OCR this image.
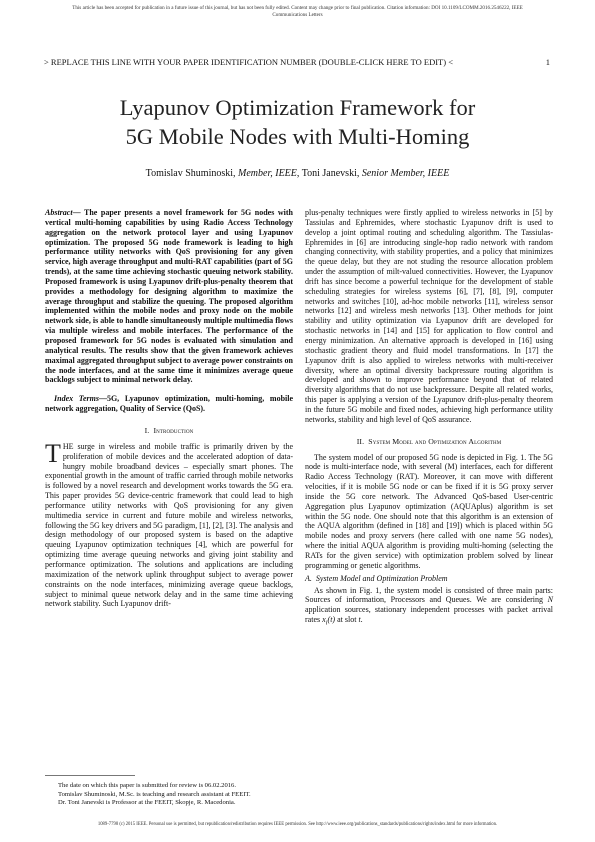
This article has been accepted for publication in a future issue of this journal, but has not been fully edited. Content may change prior to final publication. Citation information: DOI 10.1109/LCOMM.2016.2546222, IEEE
Communications Letters
> REPLACE THIS LINE WITH YOUR PAPER IDENTIFICATION NUMBER (DOUBLE-CLICK HERE TO EDIT) <	1
Lyapunov Optimization Framework for
5G Mobile Nodes with Multi-Homing
Tomislav Shuminoski, Member, IEEE, Toni Janevski, Senior Member, IEEE

Abstract— The paper presents a novel framework for 5G nodes with vertical multi-homing capabilities by using Radio Access Technology aggregation on the network protocol layer and using Lyapunov optimization. The proposed 5G node framework is leading to high performance utility networks with QoS provisioning for any given service, high average throughput and multi-RAT capabilities (part of 5G trends), at the same time achieving stochastic queuing network stability. Proposed framework is using Lyapunov drift-plus-penalty theorem that provides a methodology for designing algorithm to maximize the average throughput and stabilize the queuing. The proposed algorithm implemented within the mobile nodes and proxy node on the mobile network side, is able to handle simultaneously multiple multimedia flows via multiple wireless and mobile interfaces. The performance of the proposed framework for 5G nodes is evaluated with simulation and analytical results. The results show that the given framework achieves maximal aggregated throughput subject to average power constraints on the node interfaces, and at the same time it minimizes average queue backlogs subject to minimal network delay.

Index Terms—5G, Lyapunov optimization, multi-homing, mobile network aggregation, Quality of Service (QoS).

I. Introduction

THE surge in wireless and mobile traffic is primarily driven by the proliferation of mobile devices and the accelerated adoption of data-hungry mobile broadband devices – especially smart phones. The exponential growth in the amount of traffic carried through mobile networks is followed by a novel research and development works towards the 5G era. This paper provides 5G device-centric framework that could lead to high performance utility networks with QoS provisioning for any given multimedia service in current and future mobile and wireless networks, following the 5G key drivers and 5G paradigm, [1], [2], [3]. The analysis and design methodology of our proposed system is based on the adaptive queuing Lyapunov optimization techniques [4], which are powerful for optimizing time average queuing networks and giving joint stability and performance optimization. The solutions and applications are including maximization of the network uplink throughput subject to average power constraints on the node interfaces, minimizing average queue backlogs, subject to minimal queue network delay and in the same time achieving network stability. Such Lyapunov drift-

The date on which this paper is submitted for review is 06.02.2016.
Tomislav Shuminoski, M.Sc. is teaching and research assistant at FEEIT.
Dr. Toni Janevski is Professor at the FEEIT, Skopje, R. Macedonia.

plus-penalty techniques were firstly applied to wireless networks in [5] by Tassiulas and Ephremides, where stochastic Lyapunov drift is used to develop a joint optimal routing and scheduling algorithm. The Tassiulas-Ephremides in [6] are introducing single-hop radio network with random changing connectivity, with stability properties, and a policy that minimizes the queue delay, but they are not studing the resource allocation problem under the assumption of milt-valued connectivities. However, the Lyapunov drift has since become a powerful technique for the development of stable scheduling strategies for wireless systems [6], [7], [8], [9], computer networks and switches [10], ad-hoc mobile networks [11], wireless sensor networks [12] and wireless mesh networks [13]. Other methods for joint stability and utility optimization via Lyapunov drift are developed for stochastic networks in [14] and [15] for application to flow control and energy minimization. An alternative approach is developed in [16] using stochastic gradient theory and fluid model transformations. In [17] the Lyapunov drift is also applied to wireless networks with multi-receiver diversity, where an optimal diversity backpressure routing algorithm is developed and shown to improve performance beyond that of related diversity algorithms that do not use backpressure. Despite all related works, this paper is applying a version of the Lyapunov drift-plus-penalty theorem in the future 5G mobile and fixed nodes, achieving high performance utility networks, stability and high level of QoS assurance.

II. System Model and Optimization Algorithm

The system model of our proposed 5G node is depicted in Fig. 1. The 5G node is multi-interface node, with several (M) interfaces, each for different Radio Access Technology (RAT). Moreover, it can move with different velocities, if it is mobile 5G node or can be fixed if it is 5G proxy server inside the 5G core network. The Advanced QoS-based User-centric Aggregation plus Lyapunov optimization (AQUAplus) algorithm is set within the 5G node. One should note that this algorithm is an extension of the AQUA algorithm (defined in [18] and [19]) which is placed within 5G mobile nodes and proxy servers (here called with one name 5G nodes), where the initial AQUA algorithm is providing multi-homing (selecting the RATs for the given service) with optimization problem solved by linear programming or genetic algorithms.

A. System Model and Optimization Problem

As shown in Fig. 1, the system model is consisted of three main parts: Sources of information, Processors and Queues. We are considering N application sources, stationary independent processes with packet arrival rates $x_i(t)$ at slot t.

1089-7798 (c) 2015 IEEE. Personal use is permitted, but republication/redistribution requires IEEE permission. See http://www.ieee.org/publications_standards/publications/rights/index.html for more information.
